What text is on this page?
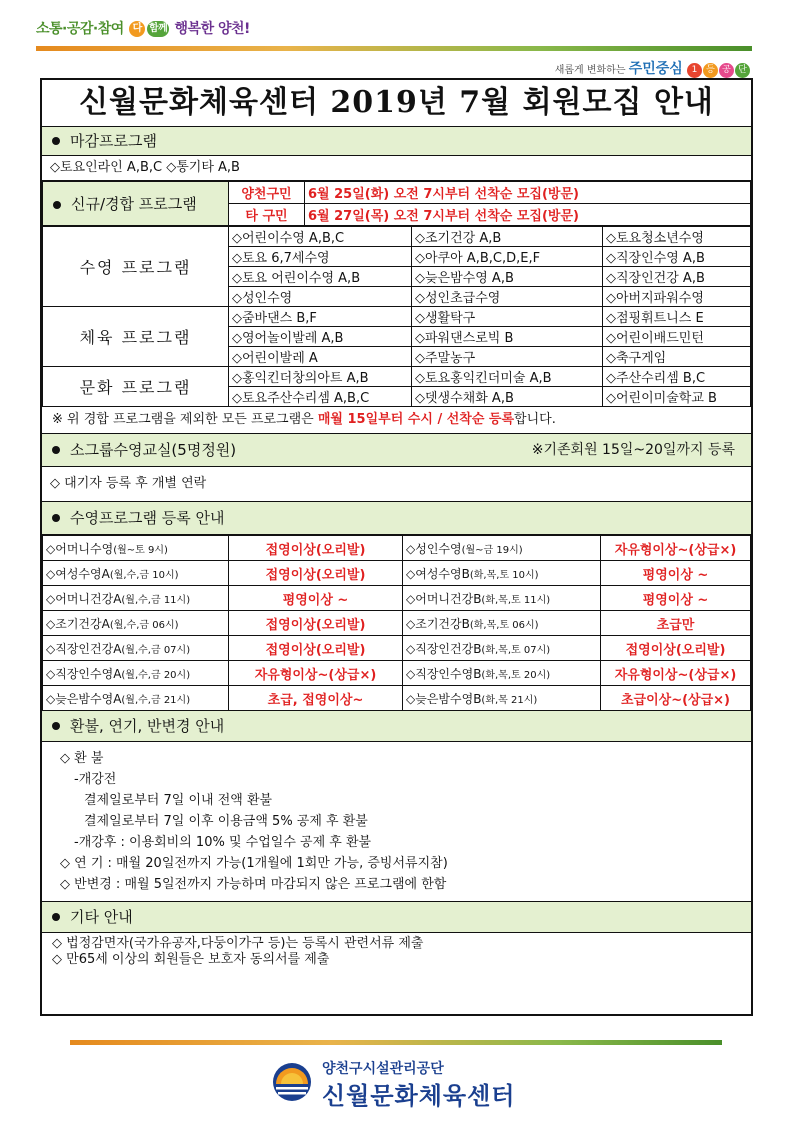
소통·공감·참여 다 함께 행복한 양천!
새롭게 변화하는 주민중심 1 등 공 단
신월문화체육센터 2019년 7월 회원모집 안내
마감프로그램
◇토요인라인 A,B,C ◇통기타 A,B
신규/경합 프로그램	양천구민	6월 25일(화) 오전 7시부터 선착순 모집(방문)
	타 구민	6월 27일(목) 오전 7시부터 선착순 모집(방문)
수영 프로그램	◇어린이수영 A,B,C	◇조기건강 A,B	◇토요청소년수영
	◇토요 6,7세수영	◇아쿠아 A,B,C,D,E,F	◇직장인수영 A,B
	◇토요 어린이수영 A,B	◇늦은밤수영 A,B	◇직장인건강 A,B
	◇성인수영	◇성인초급수영	◇아버지파워수영
체육 프로그램	◇줌바댄스 B,F	◇생활탁구	◇점핑휘트니스 E
	◇영어놀이발레 A,B	◇파워댄스로빅 B	◇어린이배드민턴
	◇어린이발레 A	◇주말농구	◇축구게임
문화 프로그램	◇홍익킨더창의아트 A,B	◇토요홍익킨더미술 A,B	◇주산수리셈 B,C
	◇토요주산수리셈 A,B,C	◇뎃생수채화 A,B	◇어린이미술학교 B
※ 위 경합 프로그램을 제외한 모든 프로그램은 매월 15일부터 수시 / 선착순 등록합니다.
소그룹수영교실(5명정원)	※기존회원 15일~20일까지 등록
◇ 대기자 등록 후 개별 연락
수영프로그램 등록 안내
◇어머니수영(월~토 9시)	접영이상(오리발)	◇성인수영(월~금 19시)	자유형이상~(상급×)
◇여성수영A(월,수,금 10시)	접영이상(오리발)	◇여성수영B(화,목,토 10시)	평영이상 ~
◇어머니건강A(월,수,금 11시)	평영이상 ~	◇어머니건강B(화,목,토 11시)	평영이상 ~
◇조기건강A(월,수,금 06시)	접영이상(오리발)	◇조기건강B(화,목,토 06시)	초급만
◇직장인건강A(월,수,금 07시)	접영이상(오리발)	◇직장인건강B(화,목,토 07시)	접영이상(오리발)
◇직장인수영A(월,수,금 20시)	자유형이상~(상급×)	◇직장인수영B(화,목,토 20시)	자유형이상~(상급×)
◇늦은밤수영A(월,수,금 21시)	초급, 접영이상~	◇늦은밤수영B(화,목 21시)	초급이상~(상급×)
환불, 연기, 반변경 안내
◇ 환 불
-개강전
결제일로부터 7일 이내 전액 환불
결제일로부터 7일 이후 이용금액 5% 공제 후 환불
-개강후 : 이용회비의 10% 및 수업일수 공제 후 환불
◇ 연 기 : 매월 20일전까지 가능(1개월에 1회만 가능, 증빙서류지참)
◇ 반변경 : 매월 5일전까지 가능하며 마감되지 않은 프로그램에 한함
기타 안내
◇ 법정감면자(국가유공자,다둥이가구 등)는 등록시 관련서류 제출
◇ 만65세 이상의 회원들은 보호자 동의서를 제출
양천구시설관리공단
신월문화체육센터
